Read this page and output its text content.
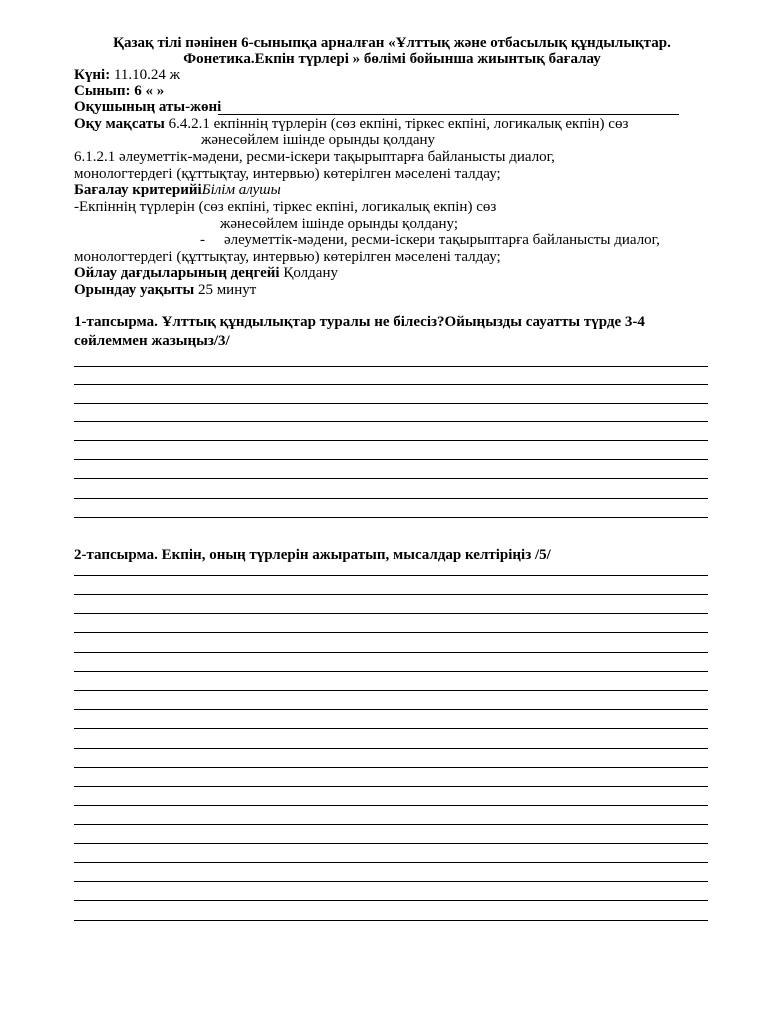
Қазақ тілі пәнінен 6-сыныпқа арналған «Ұлттық және отбасылық құндылықтар.
Фонетика.Екпін түрлері » бөлімі бойынша жиынтық бағалау
Күні: 11.10.24 ж
Сынып: 6 « »
Оқушының аты-жөні
Оқу мақсаты 6.4.2.1 екпіннің түрлерін (сөз екпіні, тіркес екпіні, логикалық екпін) сөз
жәнесөйлем ішінде орынды қолдану
6.1.2.1 әлеуметтік-мәдени, ресми-іскери тақырыптарға байланысты диалог,
монологтердегі (құттықтау, интервью) көтерілген мәселені талдау;
Бағалау критерийіБілім алушы
-Екпіннің түрлерін (сөз екпіні, тіркес екпіні, логикалық екпін) сөз
жәнесөйлем ішінде орынды қолдану;
- әлеуметтік-мәдени, ресми-іскери тақырыптарға байланысты диалог,
монологтердегі (құттықтау, интервью) көтерілген мәселені талдау;
Ойлау дағдыларының деңгейі Қолдану
Орындау уақыты 25 минут
1-тапсырма. Ұлттық құндылықтар туралы не білесіз?Ойыңызды сауатты түрде 3-4
сөйлеммен жазыңыз/3/
2-тапсырма. Екпін, оның түрлерін ажыратып, мысалдар келтіріңіз /5/
